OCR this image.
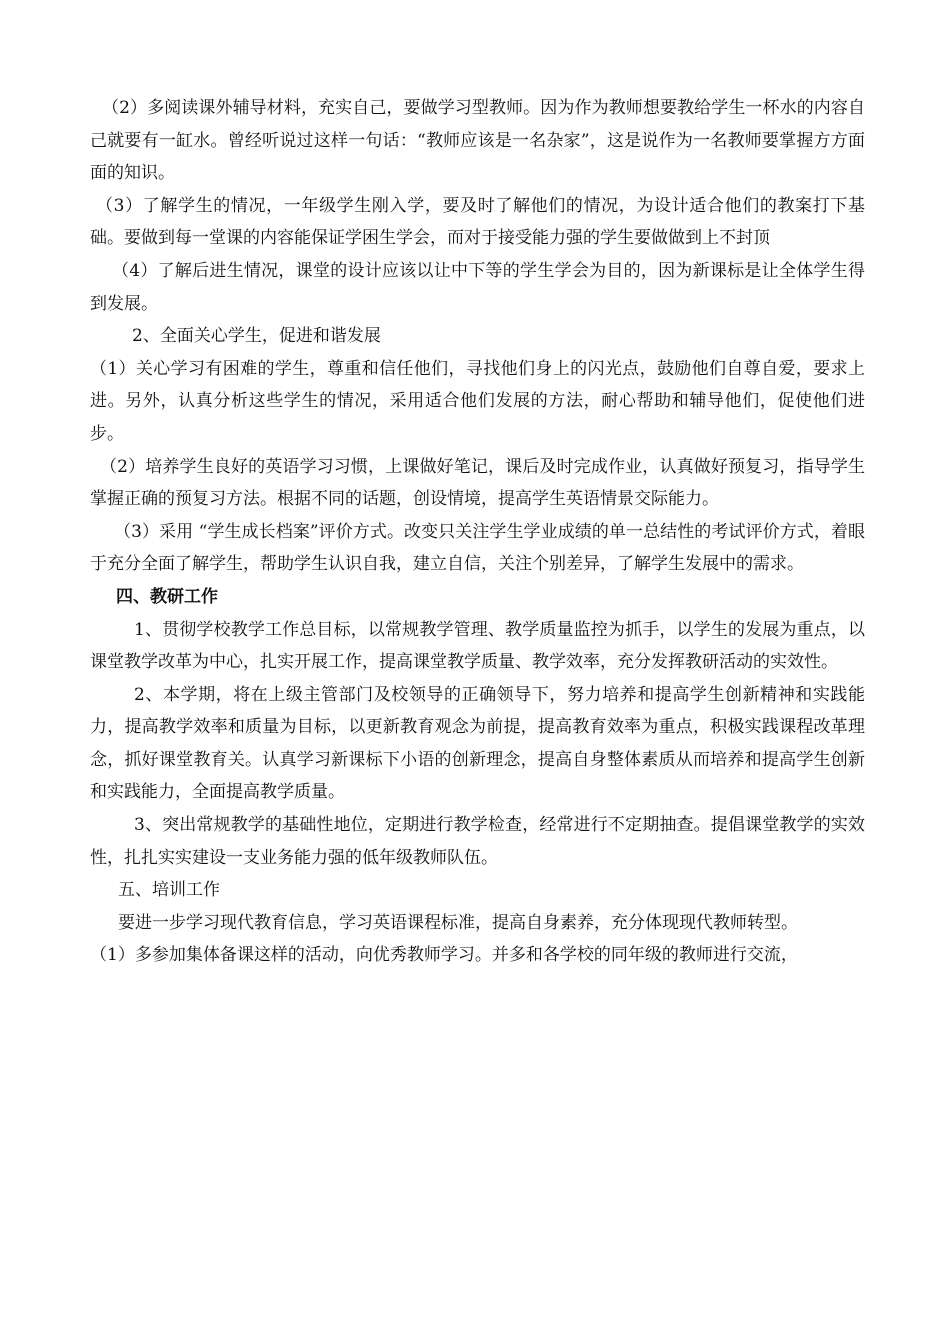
（2）多阅读课外辅导材料，充实自己，要做学习型教师。因为作为教师想要教给学生一杯水的内容自己就要有一缸水。曾经听说过这样一句话：“教师应该是一名杂家”，这是说作为一名教师要掌握方方面面的知识。

（3）了解学生的情况，一年级学生刚入学，要及时了解他们的情况，为设计适合他们的教案打下基础。要做到每一堂课的内容能保证学困生学会，而对于接受能力强的学生要做做到上不封顶

（4）了解后进生情况，课堂的设计应该以让中下等的学生学会为目的，因为新课标是让全体学生得到发展。

2、全面关心学生，促进和谐发展

（1）关心学习有困难的学生，尊重和信任他们，寻找他们身上的闪光点，鼓励他们自尊自爱，要求上进。另外，认真分析这些学生的情况，采用适合他们发展的方法，耐心帮助和辅导他们，促使他们进步。

（2）培养学生良好的英语学习习惯，上课做好笔记，课后及时完成作业，认真做好预复习，指导学生掌握正确的预复习方法。根据不同的话题，创设情境，提高学生英语情景交际能力。

（3）采用 “学生成长档案”评价方式。改变只关注学生学业成绩的单一总结性的考试评价方式，着眼于充分全面了解学生，帮助学生认识自我，建立自信，关注个别差异，了解学生发展中的需求。

四、教研工作

1、贯彻学校教学工作总目标，以常规教学管理、教学质量监控为抓手，以学生的发展为重点，以课堂教学改革为中心，扎实开展工作，提高课堂教学质量、教学效率，充分发挥教研活动的实效性。

2、本学期，将在上级主管部门及校领导的正确领导下，努力培养和提高学生创新精神和实践能力，提高教学效率和质量为目标，以更新教育观念为前提，提高教育效率为重点，积极实践课程改革理念，抓好课堂教育关。认真学习新课标下小语的创新理念，提高自身整体素质从而培养和提高学生创新和实践能力，全面提高教学质量。

3、突出常规教学的基础性地位，定期进行教学检查，经常进行不定期抽查。提倡课堂教学的实效性，扎扎实实建设一支业务能力强的低年级教师队伍。

五、培训工作

要进一步学习现代教育信息，学习英语课程标准，提高自身素养，充分体现现代教师转型。

（1）多参加集体备课这样的活动，向优秀教师学习。并多和各学校的同年级的教师进行交流，
